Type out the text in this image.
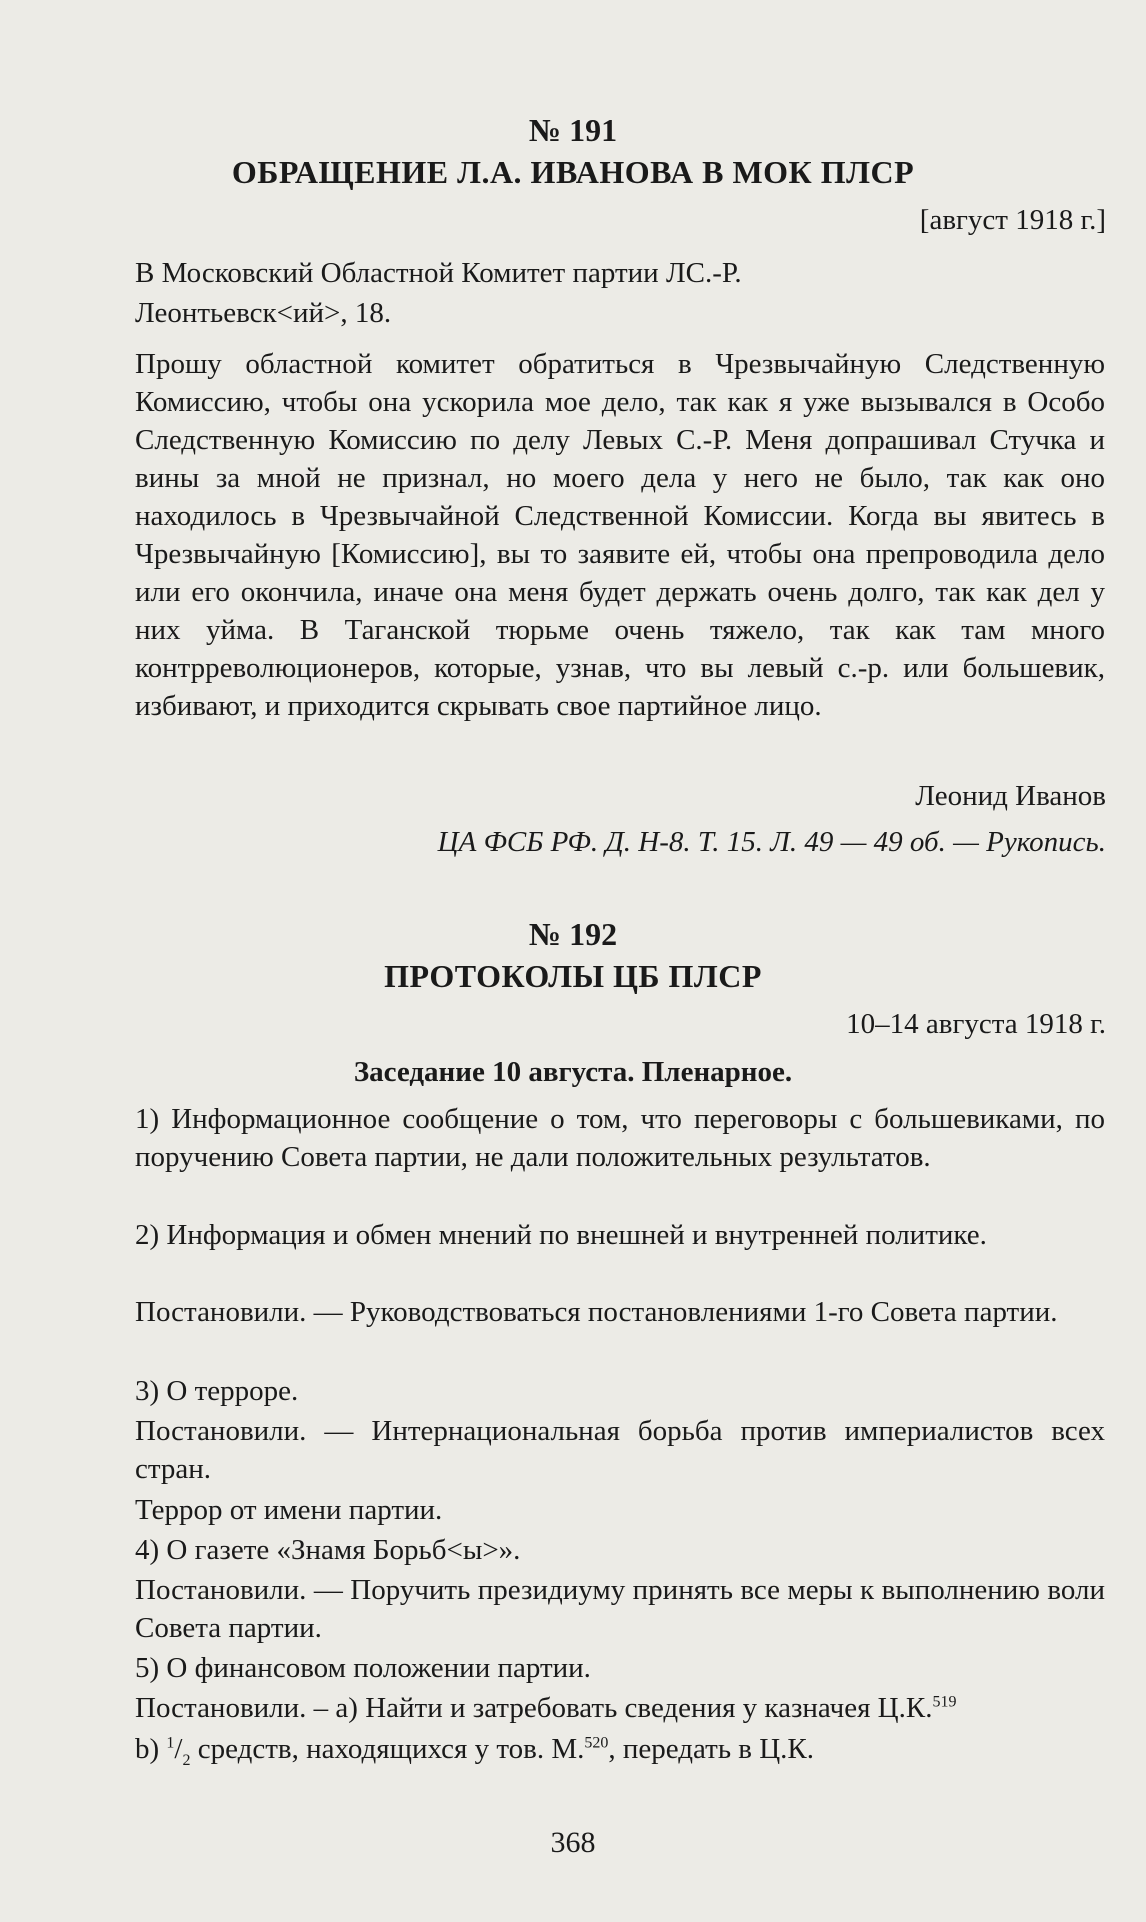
№ 191
ОБРАЩЕНИЕ Л.А. ИВАНОВА В МОК ПЛСР
[август 1918 г.]
В Московский Областной Комитет партии ЛС.-Р.
Леонтьевск<ий>, 18.
Прошу областной комитет обратиться в Чрезвычайную Следственную Комиссию, чтобы она ускорила мое дело, так как я уже вызывался в Особо Следственную Комиссию по делу Левых С.-Р. Меня допрашивал Стучка и вины за мной не признал, но моего дела у него не было, так как оно находилось в Чрезвычайной Следственной Комиссии. Когда вы явитесь в Чрезвычайную [Комиссию], вы то заявите ей, чтобы она препроводила дело или его окончила, иначе она меня будет держать очень долго, так как дел у них уйма. В Таганской тюрьме очень тяжело, так как там много контрреволюционеров, которые, узнав, что вы левый с.-р. или большевик, избивают, и приходится скрывать свое партийное лицо.
Леонид Иванов
ЦА ФСБ РФ. Д. Н-8. Т. 15. Л. 49 — 49 об. — Рукопись.
№ 192
ПРОТОКОЛЫ ЦБ ПЛСР
10–14 августа 1918 г.
Заседание 10 августа. Пленарное.
1) Информационное сообщение о том, что переговоры с большевиками, по поручению Совета партии, не дали положительных результатов.
2) Информация и обмен мнений по внешней и внутренней политике.
Постановили. — Руководствоваться постановлениями 1-го Совета партии.
3) О терроре.
Постановили. — Интернациональная борьба против империалистов всех стран.
Террор от имени партии.
4) О газете «Знамя Борьб<ы>».
Постановили. — Поручить президиуму принять все меры к выполнению воли Совета партии.
5) О финансовом положении партии.
Постановили. – а) Найти и затребовать сведения у казначея Ц.К.$^{519}$
b) $^1/_2$ средств, находящихся у тов. М.$^{520}$, передать в Ц.К.
368
